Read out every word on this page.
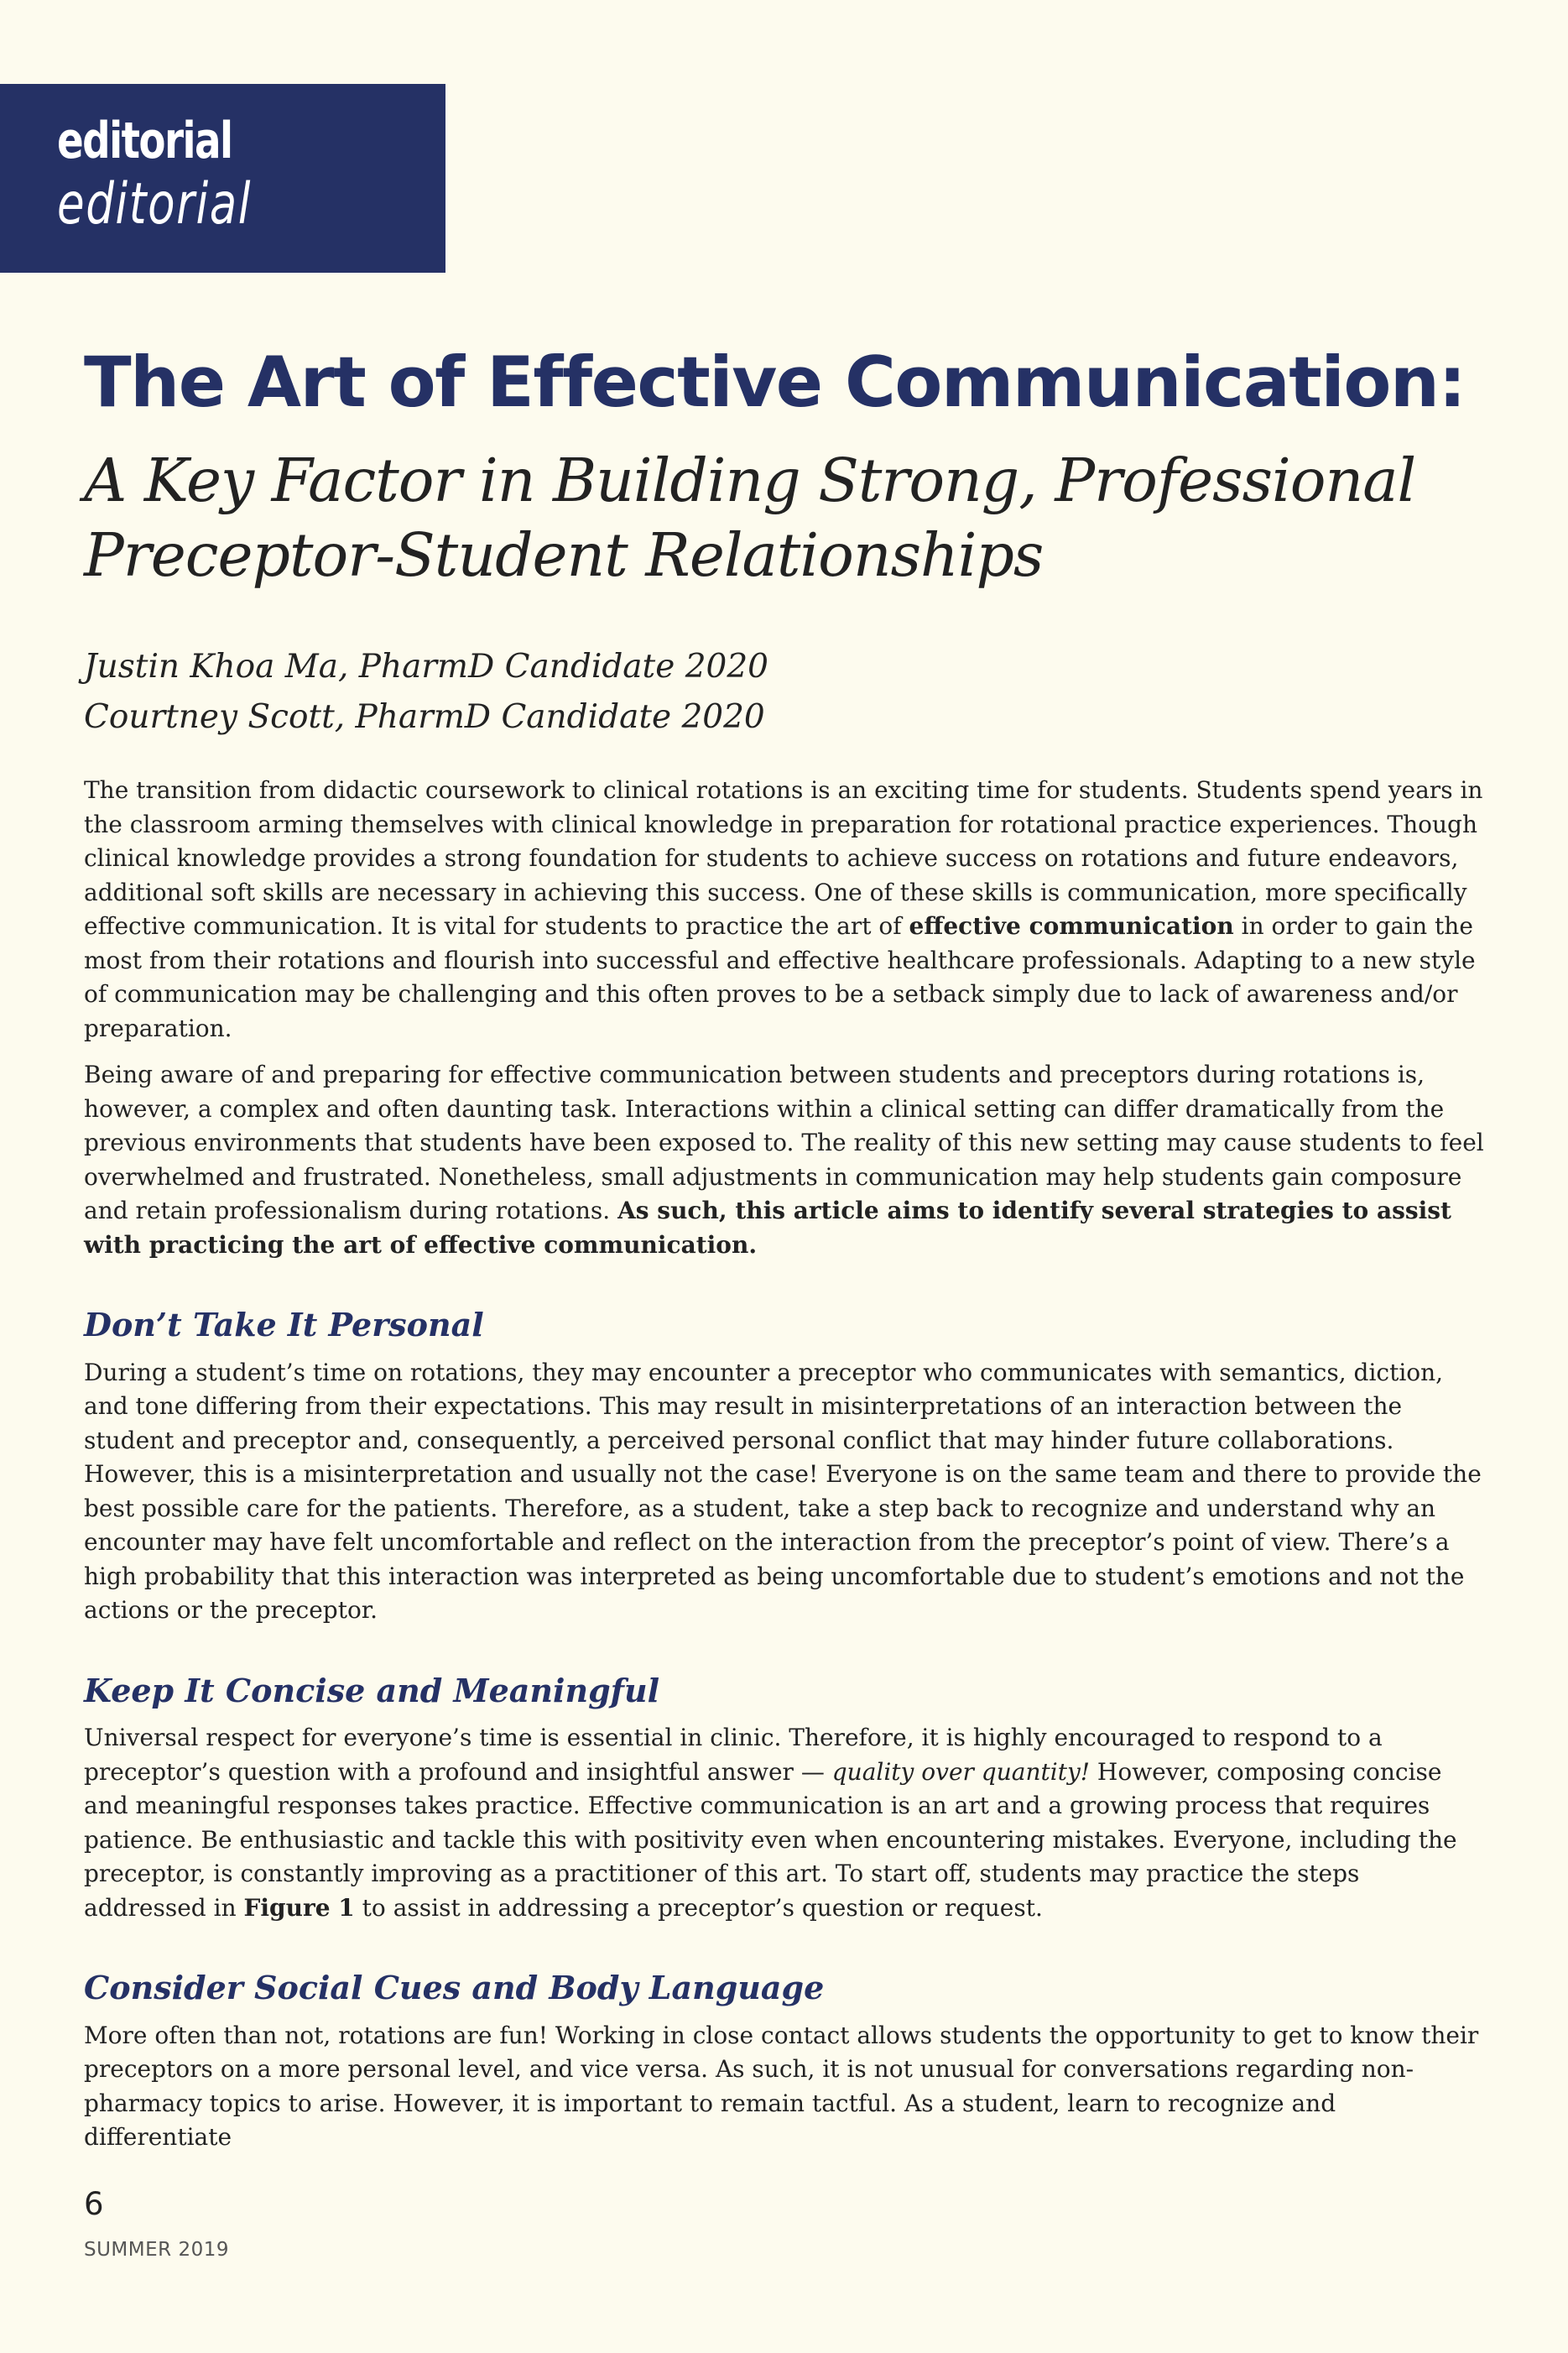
editorial
editorial
The Art of Effective Communication:
A Key Factor in Building Strong, Professional Preceptor-Student Relationships
Justin Khoa Ma, PharmD Candidate 2020
Courtney Scott, PharmD Candidate 2020

The transition from didactic coursework to clinical rotations is an exciting time for students. Students spend years in the classroom arming themselves with clinical knowledge in preparation for rotational practice experiences. Though clinical knowledge provides a strong foundation for students to achieve success on rotations and future endeavors, additional soft skills are necessary in achieving this success. One of these skills is communication, more specifically effective communication. It is vital for students to practice the art of effective communication in order to gain the most from their rotations and flourish into successful and effective healthcare professionals. Adapting to a new style of communication may be challenging and this often proves to be a setback simply due to lack of awareness and/or preparation.

Being aware of and preparing for effective communication between students and preceptors during rotations is, however, a complex and often daunting task. Interactions within a clinical setting can differ dramatically from the previous environments that students have been exposed to. The reality of this new setting may cause students to feel overwhelmed and frustrated. Nonetheless, small adjustments in communication may help students gain composure and retain professionalism during rotations. As such, this article aims to identify several strategies to assist with practicing the art of effective communication.

Don’t Take It Personal

During a student’s time on rotations, they may encounter a preceptor who communicates with semantics, diction, and tone differing from their expectations. This may result in misinterpretations of an interaction between the student and preceptor and, consequently, a perceived personal conflict that may hinder future collaborations. However, this is a misinterpretation and usually not the case! Everyone is on the same team and there to provide the best possible care for the patients. Therefore, as a student, take a step back to recognize and understand why an encounter may have felt uncomfortable and reflect on the interaction from the preceptor’s point of view. There’s a high probability that this interaction was interpreted as being uncomfortable due to student’s emotions and not the actions or the preceptor.

Keep It Concise and Meaningful

Universal respect for everyone’s time is essential in clinic. Therefore, it is highly encouraged to respond to a preceptor’s question with a profound and insightful answer — quality over quantity! However, composing concise and meaningful responses takes practice. Effective communication is an art and a growing process that requires patience. Be enthusiastic and tackle this with positivity even when encountering mistakes. Everyone, including the preceptor, is constantly improving as a practitioner of this art. To start off, students may practice the steps addressed in Figure 1 to assist in addressing a preceptor’s question or request.

Consider Social Cues and Body Language

More often than not, rotations are fun! Working in close contact allows students the opportunity to get to know their preceptors on a more personal level, and vice versa. As such, it is not unusual for conversations regarding non-pharmacy topics to arise. However, it is important to remain tactful. As a student, learn to recognize and differentiate

6
SUMMER 2019
